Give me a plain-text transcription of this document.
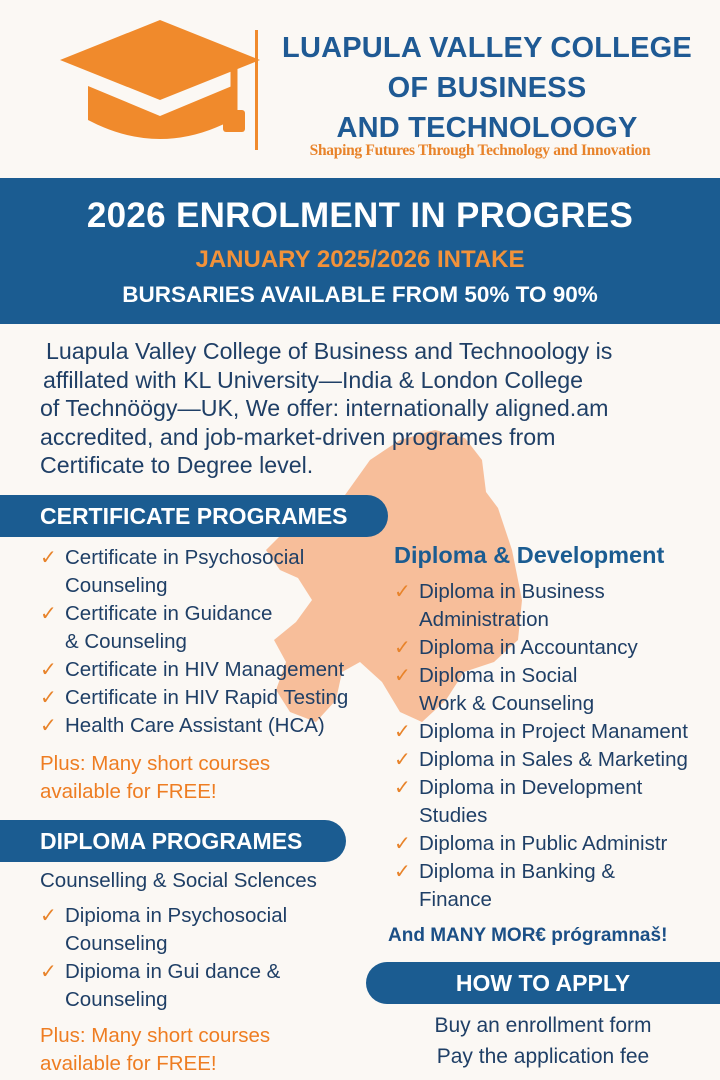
LUAPULA VALLEY COLLEGE
OF BUSINESS
AND TECHNOLOOGY
Shaping Futures Through Technology and Innovation
2026 ENROLMENT IN PROGRES
JANUARY 2025/2026 INTAKE
BURSARIES AVAILABLE FROM 50% TO 90%
Luapula Valley College of Business and Technoology is
affillated with KL University—India & London College
of Technöögy—UK, We offer: internationally aligned.am
accredited, and job-market-driven programes from
Certificate to Degree level.
CERTIFICATE PROGRAMES
✓ Certificate in Psychosocial
Counseling
✓ Certificate in Guidance
& Counseling
✓ Certificate in HIV Management
✓ Certificate in HIV Rapid Testing
✓ Health Care Assistant (HCA)
Plus: Many short courses
available for FREE!
DIPLOMA PROGRAMES
Counselling & Social Sclences
✓ Dipioma in Psychosocial
Counseling
✓ Dipioma in Gui dance &
Counseling
Plus: Many short courses
available for FREE!
Diploma & Development
✓ Diploma in Business
Administration
✓ Diploma in Accountancy
✓ Diploma in Social
Work & Counseling
✓ Diploma in Project Manament
✓ Diploma in Sales & Marketing
✓ Diploma in Development
Studies
✓ Diploma in Public Administr
✓ Diploma in Banking &
Finance
And MANY MOR€ prógramnaš!
HOW TO APPLY
Buy an enrollment form
Pay the application fee
